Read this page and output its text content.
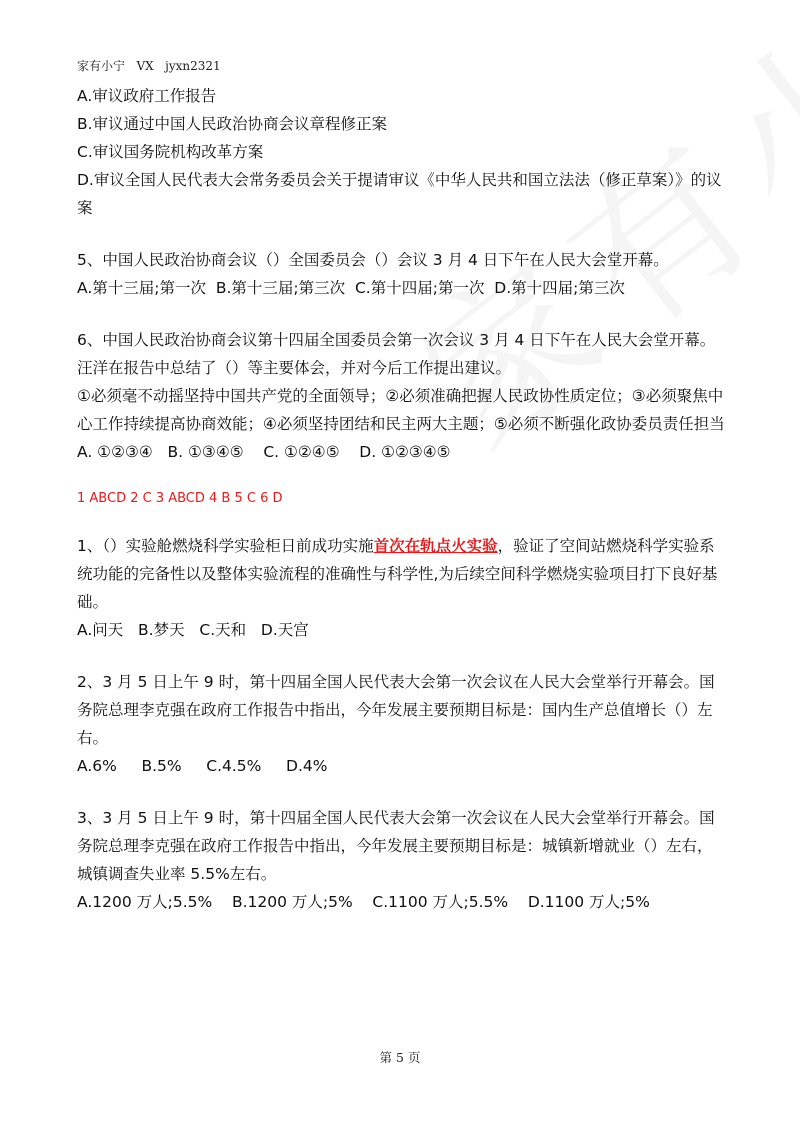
家有小宁   VX   jyxn2321

A.审议政府工作报告

B.审议通过中国人民政治协商会议章程修正案

C.审议国务院机构改革方案

D.审议全国人民代表大会常务委员会关于提请审议《中华人民共和国立法法（修正草案）》的议案

5、中国人民政治协商会议（）全国委员会（）会议 3 月 4 日下午在人民大会堂开幕。

A.第十三届;第一次  B.第十三届;第三次  C.第十四届;第一次  D.第十四届;第三次

6、中国人民政治协商会议第十四届全国委员会第一次会议 3 月 4 日下午在人民大会堂开幕。汪洋在报告中总结了（）等主要体会，并对今后工作提出建议。

①必须毫不动摇坚持中国共产党的全面领导；②必须准确把握人民政协性质定位；③必须聚焦中心工作持续提高协商效能；④必须坚持团结和民主两大主题；⑤必须不断强化政协委员责任担当

A. ①②③④   B. ①③④⑤    C. ①②④⑤    D. ①②③④⑤

1 ABCD 2 C 3 ABCD 4 B 5 C 6 D

1、（）实验舱燃烧科学实验柜日前成功实施首次在轨点火实验，验证了空间站燃烧科学实验系统功能的完备性以及整体实验流程的准确性与科学性,为后续空间科学燃烧实验项目打下良好基础。

A.问天   B.梦天   C.天和   D.天宫

2、3 月 5 日上午 9 时，第十四届全国人民代表大会第一次会议在人民大会堂举行开幕会。国务院总理李克强在政府工作报告中指出，今年发展主要预期目标是：国内生产总值增长（）左右。

A.6%     B.5%     C.4.5%     D.4%

3、3 月 5 日上午 9 时，第十四届全国人民代表大会第一次会议在人民大会堂举行开幕会。国务院总理李克强在政府工作报告中指出，今年发展主要预期目标是：城镇新增就业（）左右，城镇调查失业率 5.5%左右。

A.1200 万人;5.5%    B.1200 万人;5%    C.1100 万人;5.5%    D.1100 万人;5%

第 5 页
